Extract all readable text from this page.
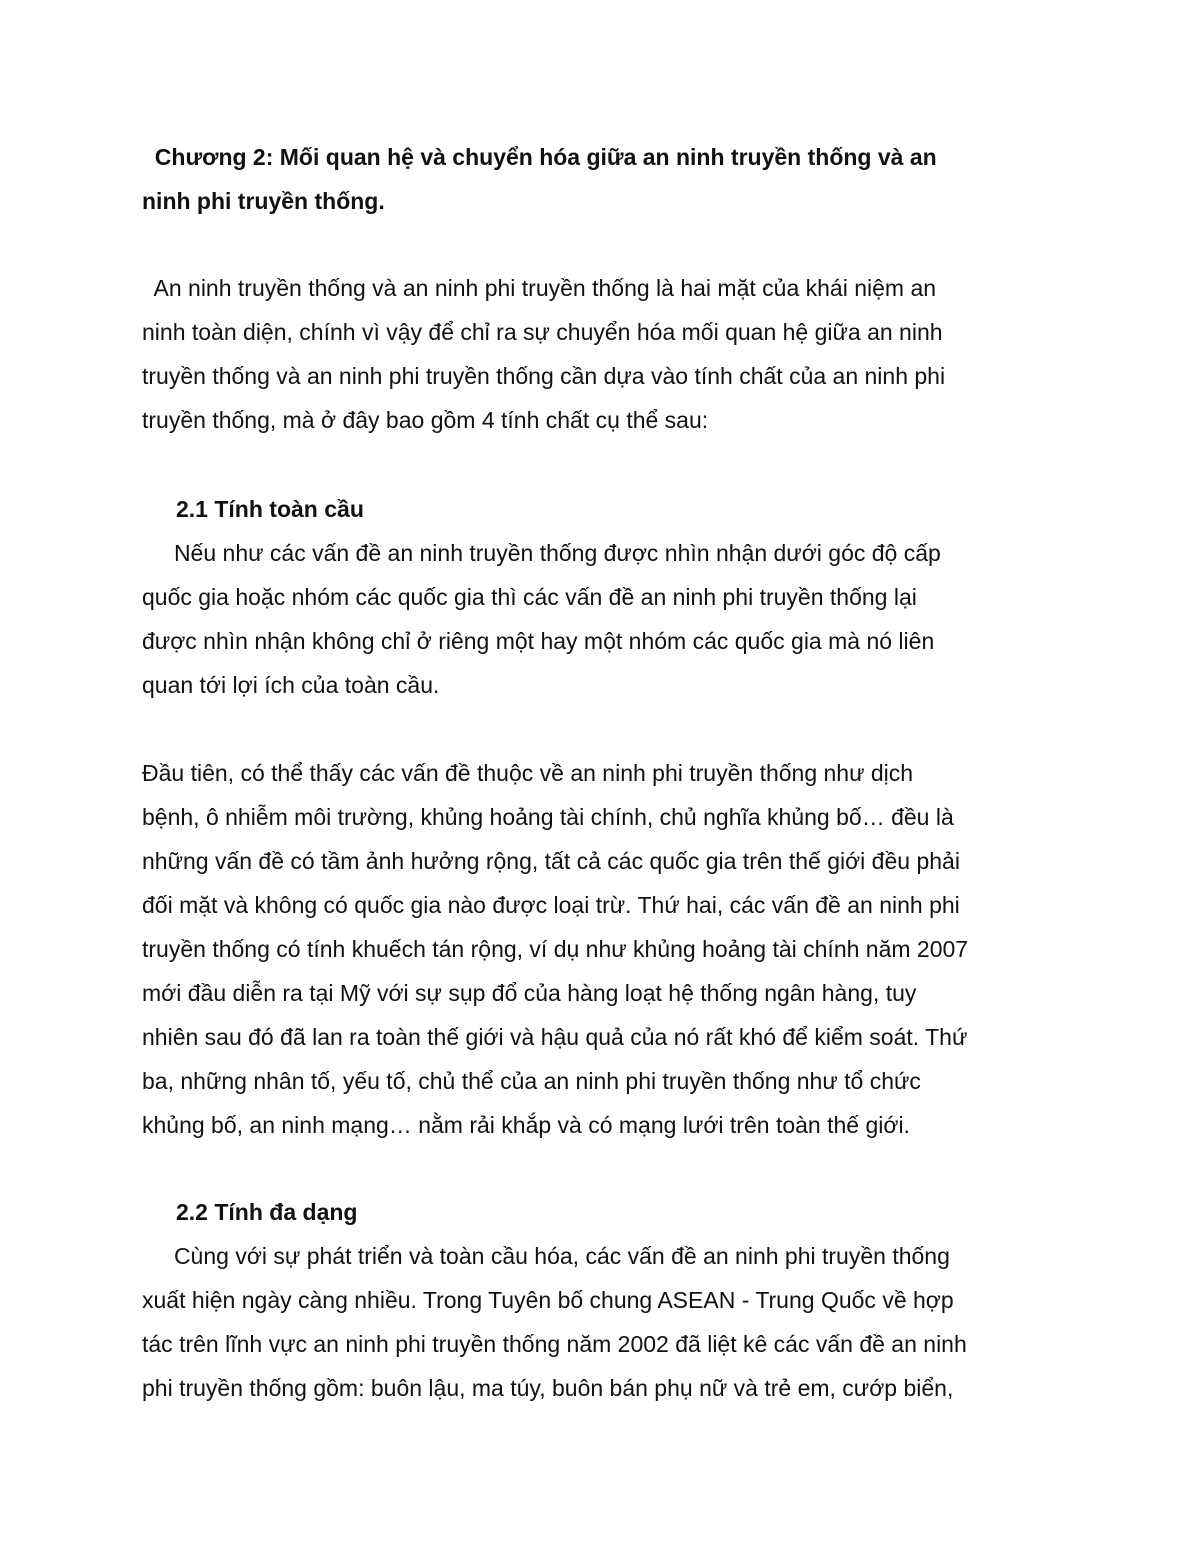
Chương 2: Mối quan hệ và chuyển hóa giữa an ninh truyền thống và an
ninh phi truyền thống.

An ninh truyền thống và an ninh phi truyền thống là hai mặt của khái niệm an
ninh toàn diện, chính vì vậy để chỉ ra sự chuyển hóa mối quan hệ giữa an ninh
truyền thống và an ninh phi truyền thống cần dựa vào tính chất của an ninh phi
truyền thống, mà ở đây bao gồm 4 tính chất cụ thể sau:

2.1 Tính toàn cầu

Nếu như các vấn đề an ninh truyền thống được nhìn nhận dưới góc độ cấp
quốc gia hoặc nhóm các quốc gia thì các vấn đề an ninh phi truyền thống lại
được nhìn nhận không chỉ ở riêng một hay một nhóm các quốc gia mà nó liên
quan tới lợi ích của toàn cầu.

Đầu tiên, có thể thấy các vấn đề thuộc về an ninh phi truyền thống như dịch
bệnh, ô nhiễm môi trường, khủng hoảng tài chính, chủ nghĩa khủng bố… đều là
những vấn đề có tầm ảnh hưởng rộng, tất cả các quốc gia trên thế giới đều phải
đối mặt và không có quốc gia nào được loại trừ. Thứ hai, các vấn đề an ninh phi
truyền thống có tính khuếch tán rộng, ví dụ như khủng hoảng tài chính năm 2007
mới đầu diễn ra tại Mỹ với sự sụp đổ của hàng loạt hệ thống ngân hàng, tuy
nhiên sau đó đã lan ra toàn thế giới và hậu quả của nó rất khó để kiểm soát. Thứ
ba, những nhân tố, yếu tố, chủ thể của an ninh phi truyền thống như tổ chức
khủng bố, an ninh mạng… nằm rải khắp và có mạng lưới trên toàn thế giới.

2.2 Tính đa dạng

Cùng với sự phát triển và toàn cầu hóa, các vấn đề an ninh phi truyền thống
xuất hiện ngày càng nhiều. Trong Tuyên bố chung ASEAN - Trung Quốc về hợp
tác trên lĩnh vực an ninh phi truyền thống năm 2002 đã liệt kê các vấn đề an ninh
phi truyền thống gồm: buôn lậu, ma túy, buôn bán phụ nữ và trẻ em, cướp biển,
